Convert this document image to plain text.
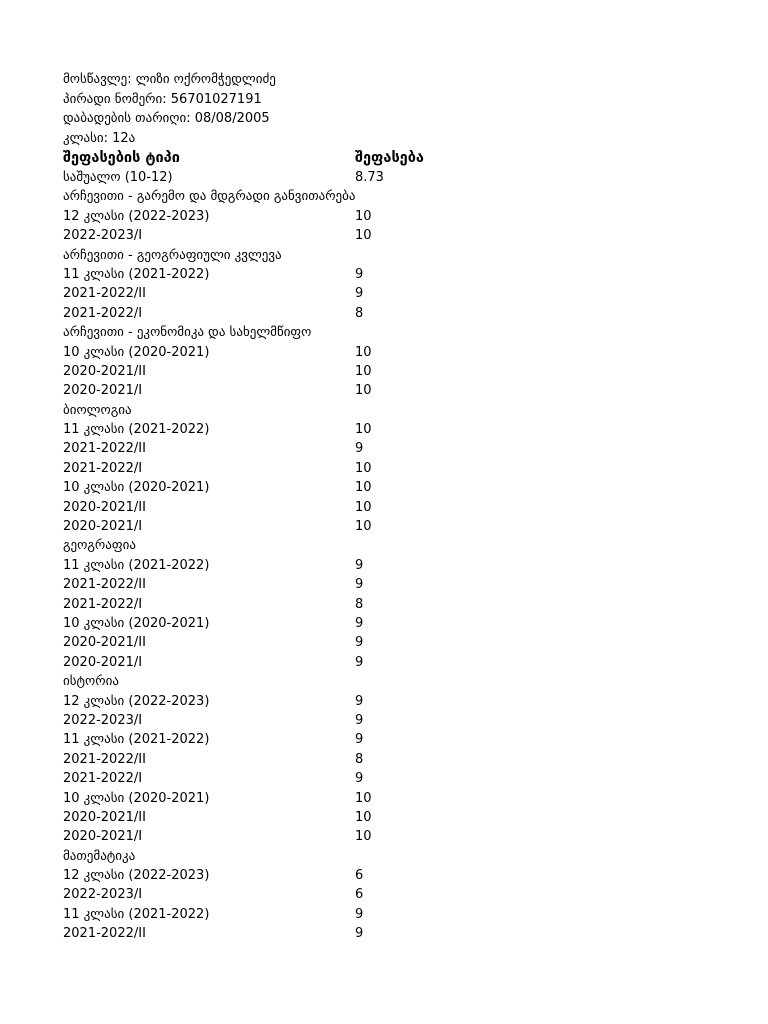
მოსწავლე: ლიზი ოქრომჭედლიძე
პირადი ნომერი: 56701027191
დაბადების თარიღი: 08/08/2005
კლასი: 12ა
შეფასების ტიპი	შეფასება
საშუალო (10-12)	8.73
არჩევითი - გარემო და მდგრადი განვითარება
12 კლასი (2022-2023)	10
2022-2023/I	10
არჩევითი - გეოგრაფიული კვლევა
11 კლასი (2021-2022)	9
2021-2022/II	9
2021-2022/I	8
არჩევითი - ეკონომიკა და სახელმწიფო
10 კლასი (2020-2021)	10
2020-2021/II	10
2020-2021/I	10
ბიოლოგია
11 კლასი (2021-2022)	10
2021-2022/II	9
2021-2022/I	10
10 კლასი (2020-2021)	10
2020-2021/II	10
2020-2021/I	10
გეოგრაფია
11 კლასი (2021-2022)	9
2021-2022/II	9
2021-2022/I	8
10 კლასი (2020-2021)	9
2020-2021/II	9
2020-2021/I	9
ისტორია
12 კლასი (2022-2023)	9
2022-2023/I	9
11 კლასი (2021-2022)	9
2021-2022/II	8
2021-2022/I	9
10 კლასი (2020-2021)	10
2020-2021/II	10
2020-2021/I	10
მათემატიკა
12 კლასი (2022-2023)	6
2022-2023/I	6
11 კლასი (2021-2022)	9
2021-2022/II	9
